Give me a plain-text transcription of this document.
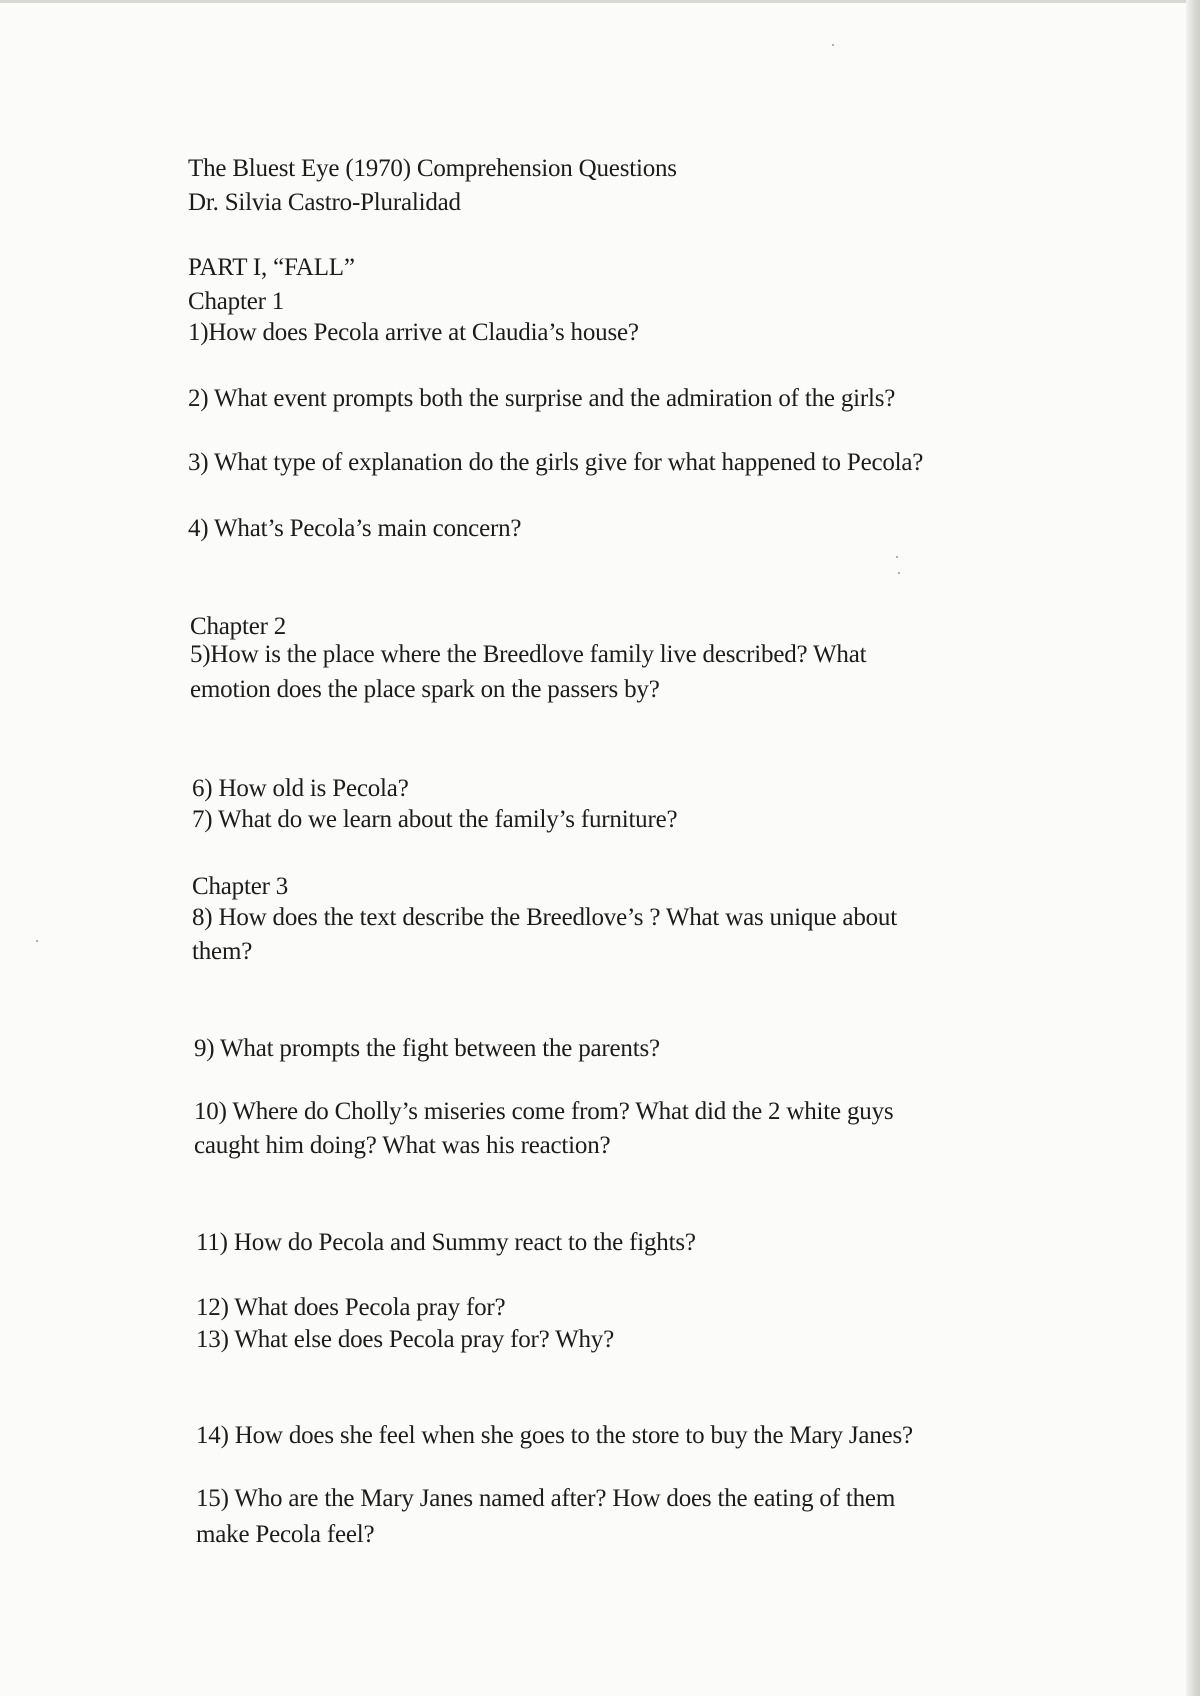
The Bluest Eye (1970) Comprehension Questions
Dr. Silvia Castro-Pluralidad
PART I, “FALL”
Chapter 1
1)How does Pecola arrive at Claudia’s house?
2) What event prompts both the surprise and the admiration of the girls?
3) What type of explanation do the girls give for what happened to Pecola?
4) What’s Pecola’s main concern?
Chapter 2
5)How is the place where the Breedlove family live described? What
emotion does the place spark on the passers by?
6) How old is Pecola?
7) What do we learn about the family’s furniture?
Chapter 3
8) How does the text describe the Breedlove’s ? What was unique about
them?
9) What prompts the fight between the parents?
10) Where do Cholly’s miseries come from? What did the 2 white guys
caught him doing? What was his reaction?
11) How do Pecola and Summy react to the fights?
12) What does Pecola pray for?
13) What else does Pecola pray for? Why?
14) How does she feel when she goes to the store to buy the Mary Janes?
15) Who are the Mary Janes named after? How does the eating of them
make Pecola feel?
